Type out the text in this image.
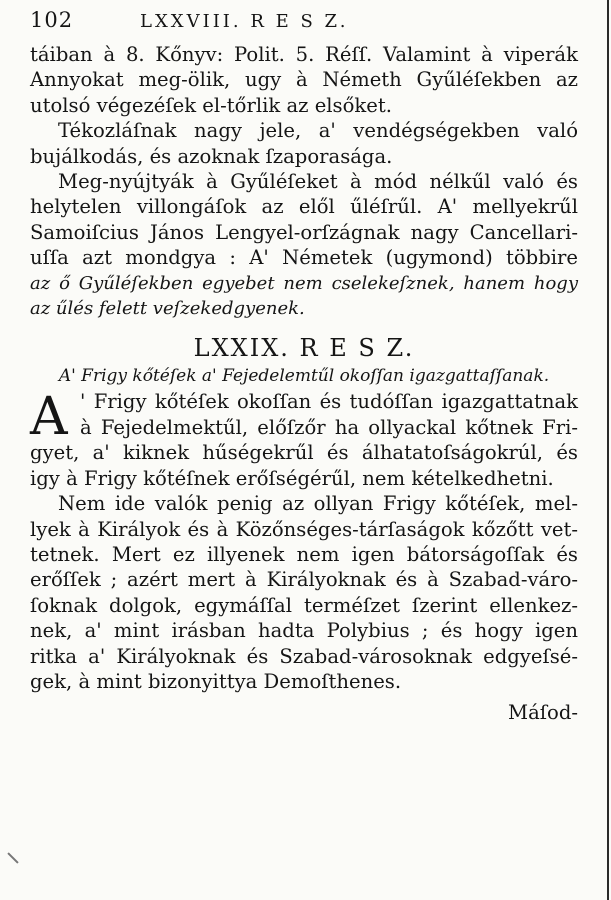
102	LXXVIII. R E S Z.
táiban à 8. Kőnyv: Polit. 5. Réſſ. Valamint à viperák
Annyokat meg-ölik, ugy à Németh Gyűléſekben az
utolsó végezéſek el-tőrlik az elsőket.
Tékozláſnak nagy jele, a' vendégségekben való
bujálkodás, és azoknak ſzaporasága.
Meg-nyújtyák à Gyűléſeket à mód nélkűl való és
helytelen villongáſok az elől űléſrűl. A' mellyekrűl
Samoiſcius János Lengyel-orſzágnak nagy Cancellari-
uſſa azt mondgya : A' Németek (ugymond) többire
az ő Gyűléſekben egyebet nem cselekeſznek, hanem hogy
az űlés felett veſzekedgyenek.
LXXIX. R E S Z.
A' Frigy kőtéſek a' Fejedelemtűl okoſſan igazgattaſſanak.
A ' Frigy kőtéſek okoſſan és tudóſſan igazgattatnak
à Fejedelmektűl, előſzőr ha ollyackal kőtnek Fri-
gyet, a' kiknek hűségekrűl és álhatatoſságokrúl, és
igy à Frigy kőtéſnek erőſségérűl, nem kételkedhetni.
Nem ide valók penig az ollyan Frigy kőtéſek, mel-
lyek à Királyok és à Közőnséges-tárſaságok kőzőtt vet-
tetnek. Mert ez illyenek nem igen bátorságoſſak és
erőſſek ; azért mert à Királyoknak és à Szabad-váro-
ſoknak dolgok, egymáſſal terméſzet ſzerint ellenkez-
nek, a' mint irásban hadta Polybius ; és hogy igen
ritka a' Királyoknak és Szabad-városoknak edgyeſsé-
gek, à mint bizonyittya Demoſthenes.
Máſod-
